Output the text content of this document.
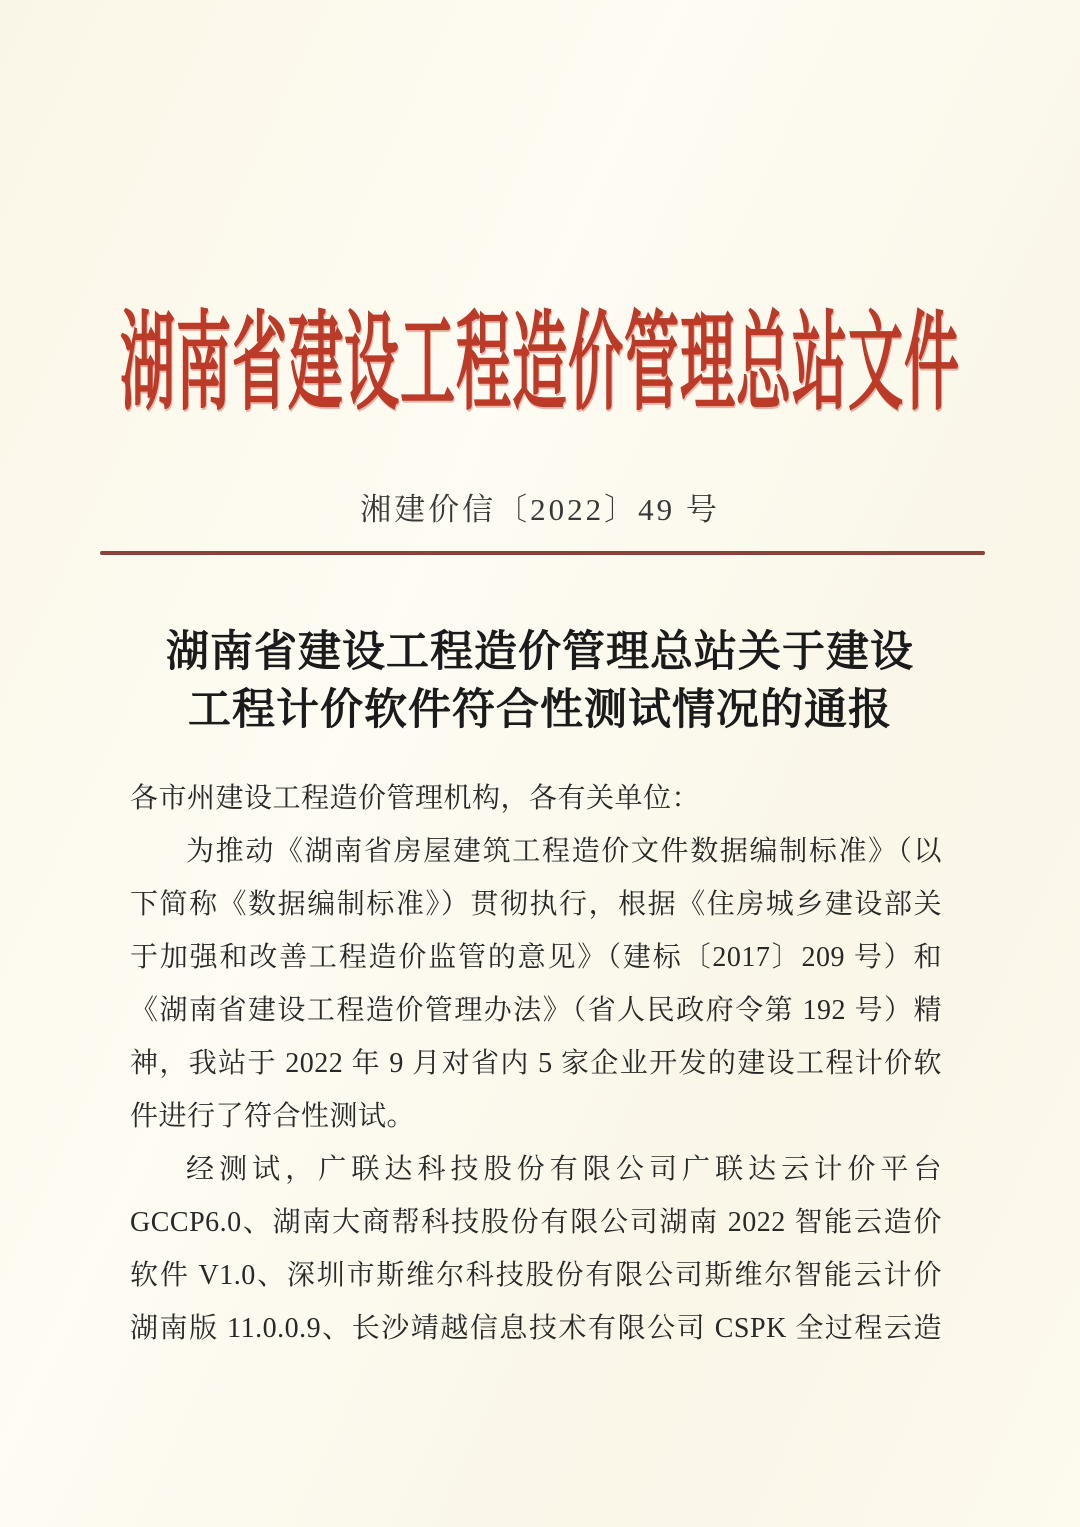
湖南省建设工程造价管理总站文件
湘建价信〔2022〕49 号
湖南省建设工程造价管理总站关于建设
工程计价软件符合性测试情况的通报
各市州建设工程造价管理机构，各有关单位：
为推动《湖南省房屋建筑工程造价文件数据编制标准》（以
下简称《数据编制标准》）贯彻执行，根据《住房城乡建设部关
于加强和改善工程造价监管的意见》（建标〔2017〕209 号）和
《湖南省建设工程造价管理办法》（省人民政府令第 192 号）精
神，我站于 2022 年 9 月对省内 5 家企业开发的建设工程计价软
件进行了符合性测试。
经测试，广联达科技股份有限公司广联达云计价平台
GCCP6.0、湖南大商帮科技股份有限公司湖南 2022 智能云造价
软件 V1.0、深圳市斯维尔科技股份有限公司斯维尔智能云计价
湖南版 11.0.0.9、长沙靖越信息技术有限公司 CSPK 全过程云造
